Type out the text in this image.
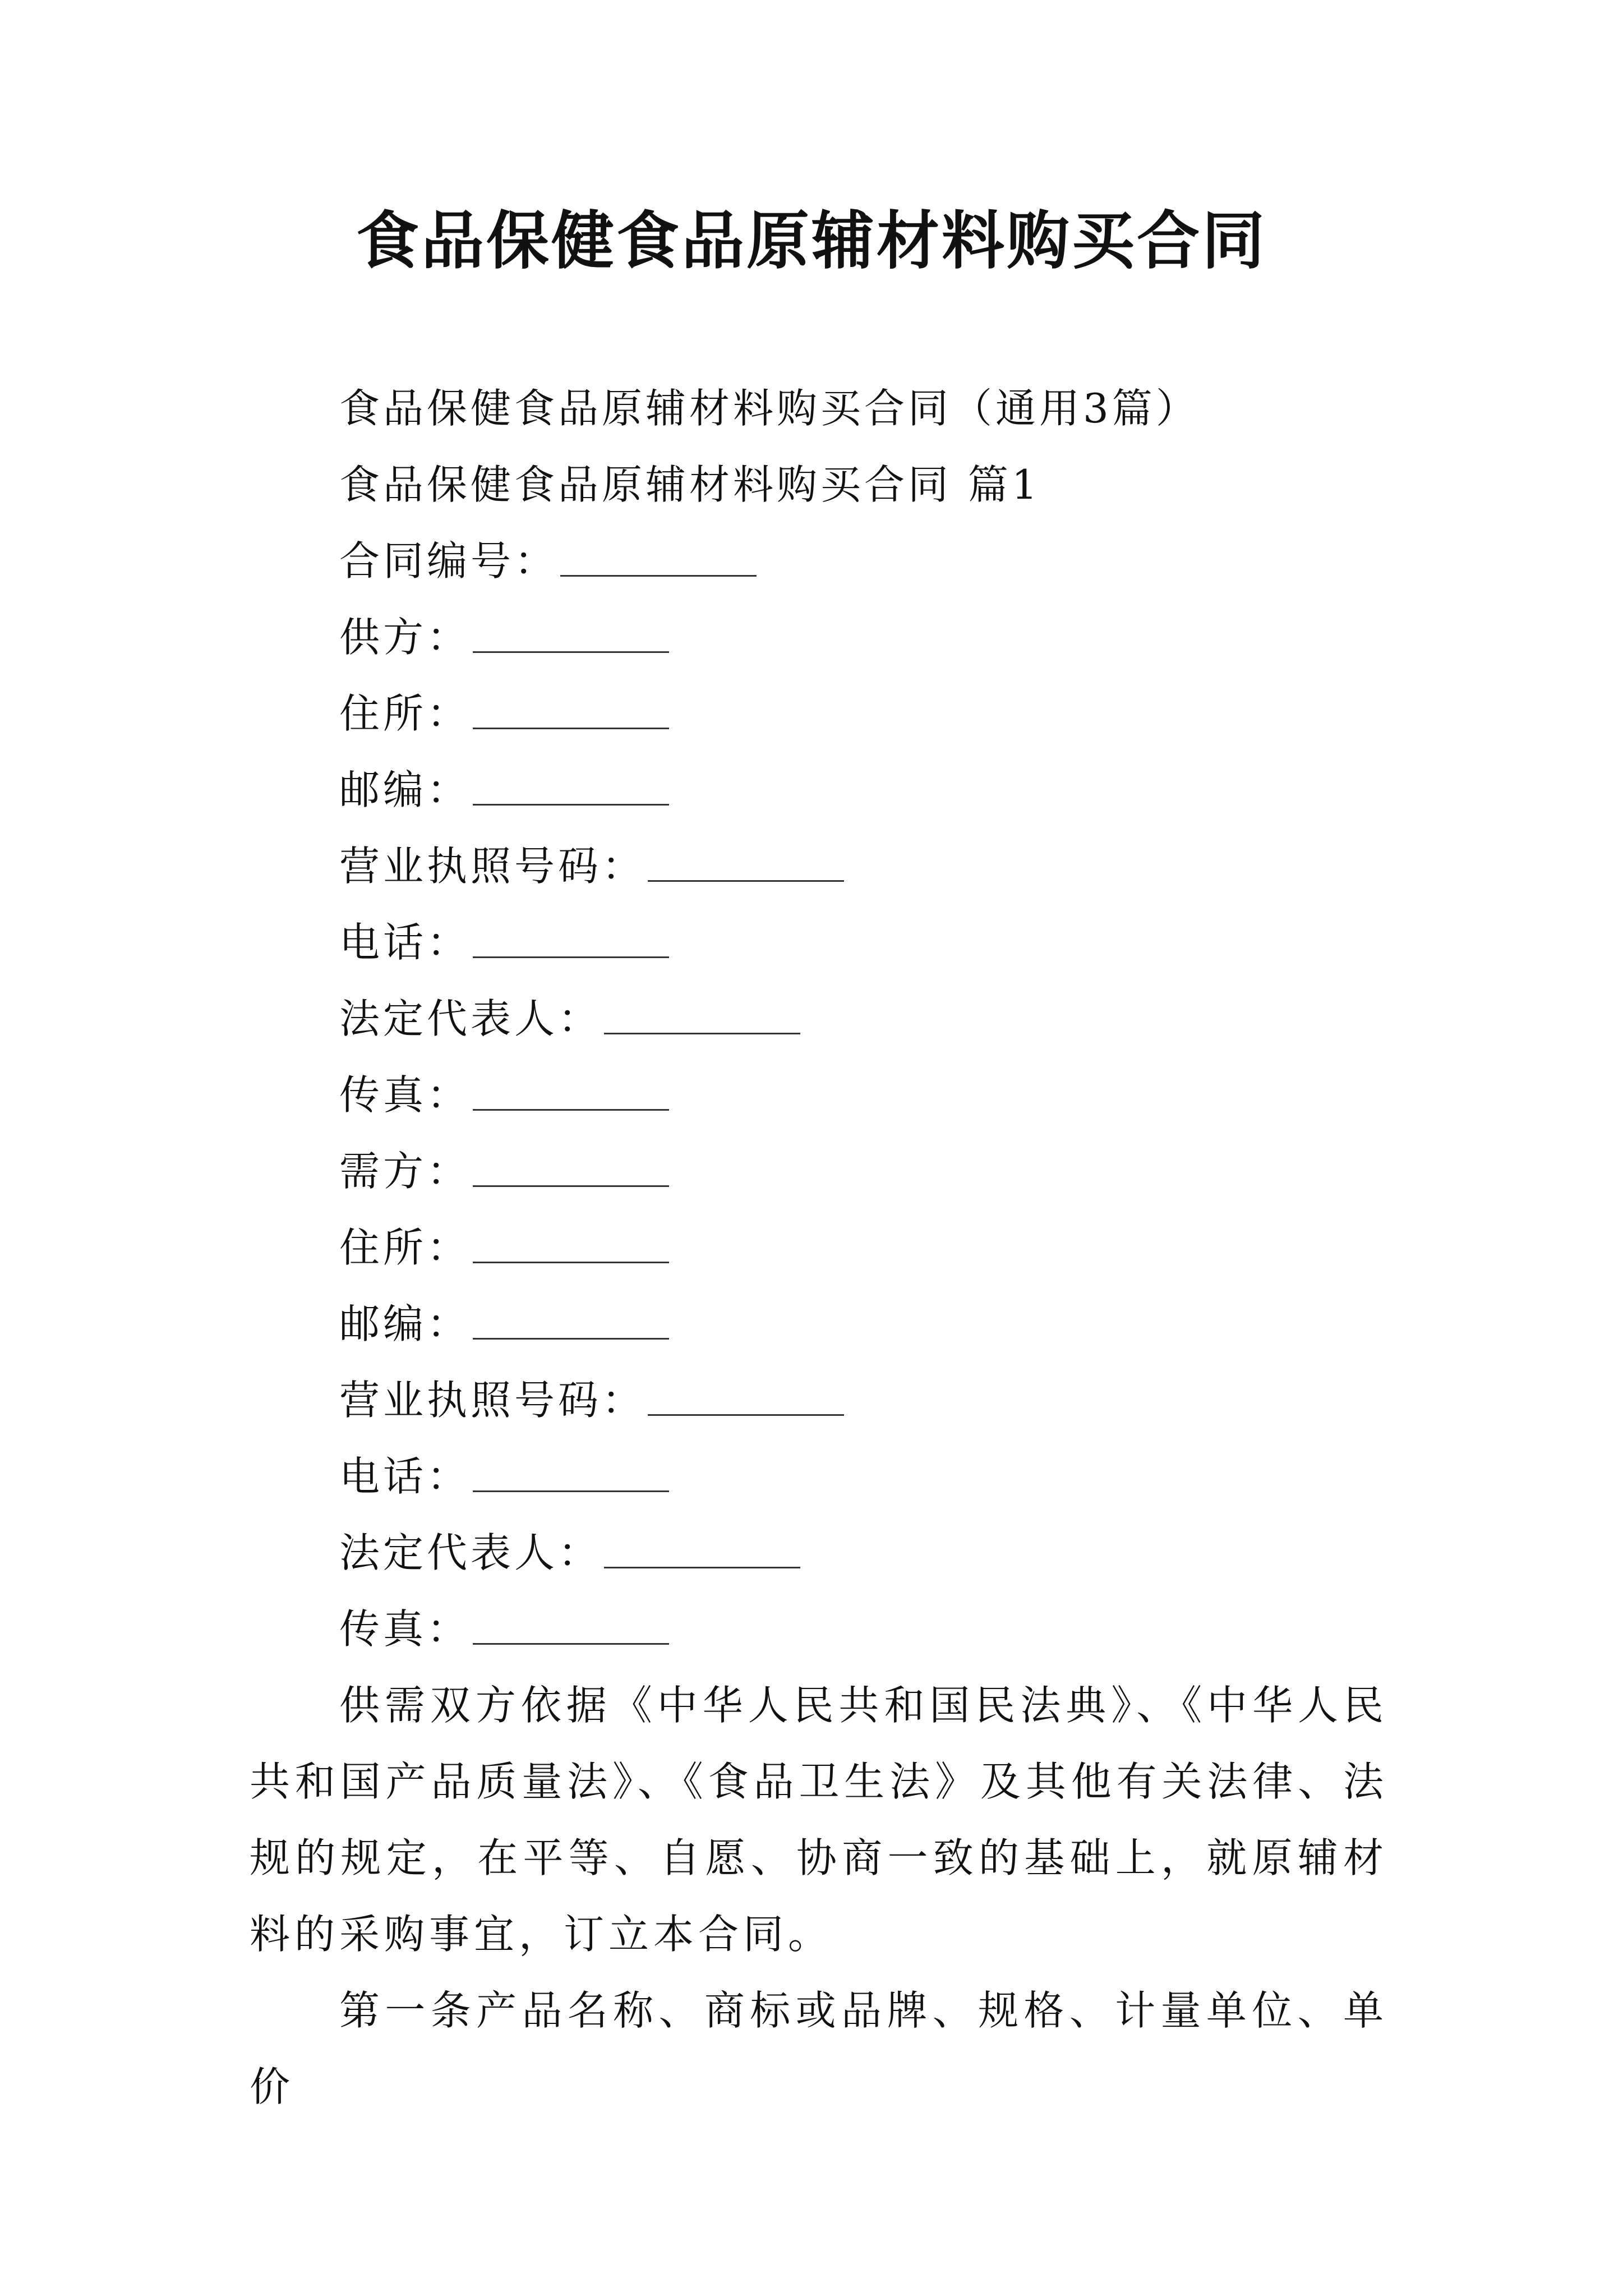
食品保健食品原辅材料购买合同
食品保健食品原辅材料购买合同（通用3篇）
食品保健食品原辅材料购买合同 篇1
合同编号：
供方：
住所：
邮编：
营业执照号码：
电话：
法定代表人：
传真：
需方：
住所：
邮编：
营业执照号码：
电话：
法定代表人：
传真：
供需双方依据《中华人民共和国民法典》、《中华人民共和国产品质量法》、《食品卫生法》及其他有关法律、法规的规定，在平等、自愿、协商一致的基础上，就原辅材料的采购事宜，订立本合同。
第一条产品名称、商标或品牌、规格、计量单位、单价
